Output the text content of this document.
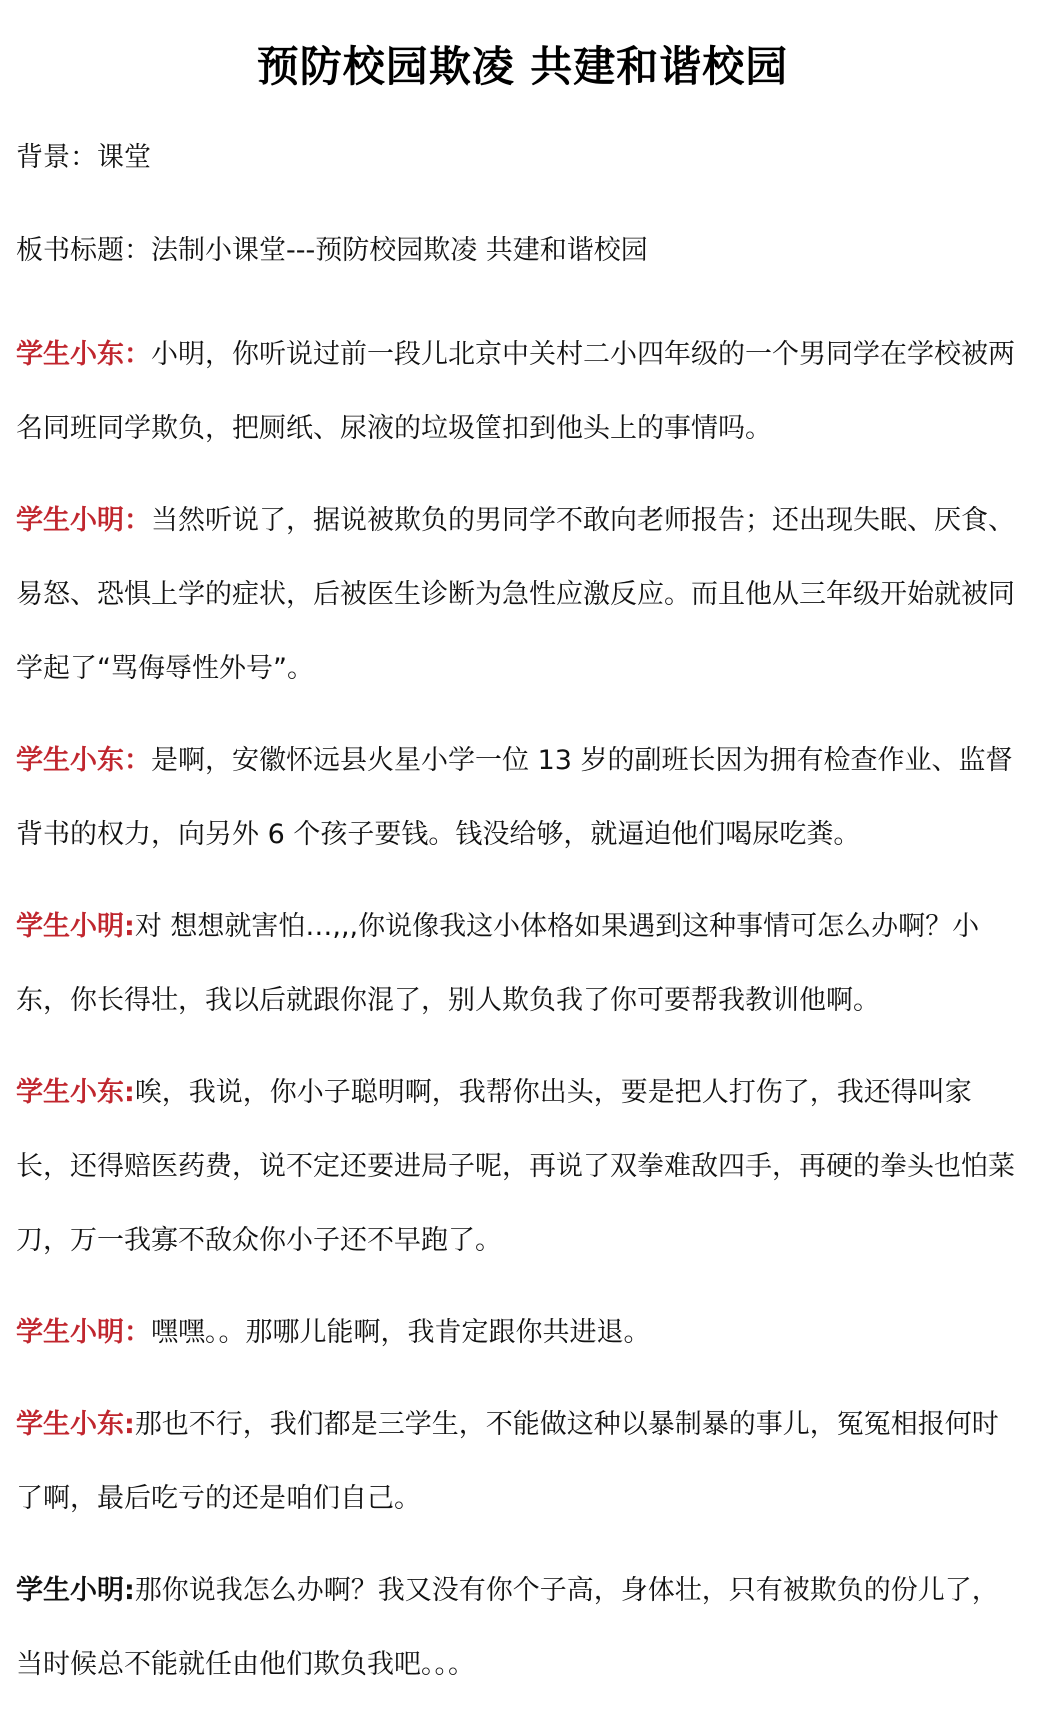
预防校园欺凌 共建和谐校园

背景：课堂

板书标题：法制小课堂---预防校园欺凌 共建和谐校园

学生小东：小明，你听说过前一段儿北京中关村二小四年级的一个男同学在学校被两名同班同学欺负，把厕纸、尿液的垃圾筐扣到他头上的事情吗。

学生小明：当然听说了，据说被欺负的男同学不敢向老师报告；还出现失眠、厌食、易怒、恐惧上学的症状，后被医生诊断为急性应激反应。而且他从三年级开始就被同学起了“骂侮辱性外号”。

学生小东：是啊，安徽怀远县火星小学一位 13 岁的副班长因为拥有检查作业、监督背书的权力，向另外 6 个孩子要钱。钱没给够，就逼迫他们喝尿吃粪。

学生小明:对 想想就害怕…,,,你说像我这小体格如果遇到这种事情可怎么办啊？小东，你长得壮，我以后就跟你混了，别人欺负我了你可要帮我教训他啊。

学生小东:唉，我说，你小子聪明啊，我帮你出头，要是把人打伤了，我还得叫家长，还得赔医药费，说不定还要进局子呢，再说了双拳难敌四手，再硬的拳头也怕菜刀，万一我寡不敌众你小子还不早跑了。

学生小明：嘿嘿。。那哪儿能啊，我肯定跟你共进退。

学生小东:那也不行，我们都是三学生，不能做这种以暴制暴的事儿，冤冤相报何时了啊，最后吃亏的还是咱们自己。

学生小明:那你说我怎么办啊？我又没有你个子高，身体壮，只有被欺负的份儿了，当时候总不能就任由他们欺负我吧。。。
